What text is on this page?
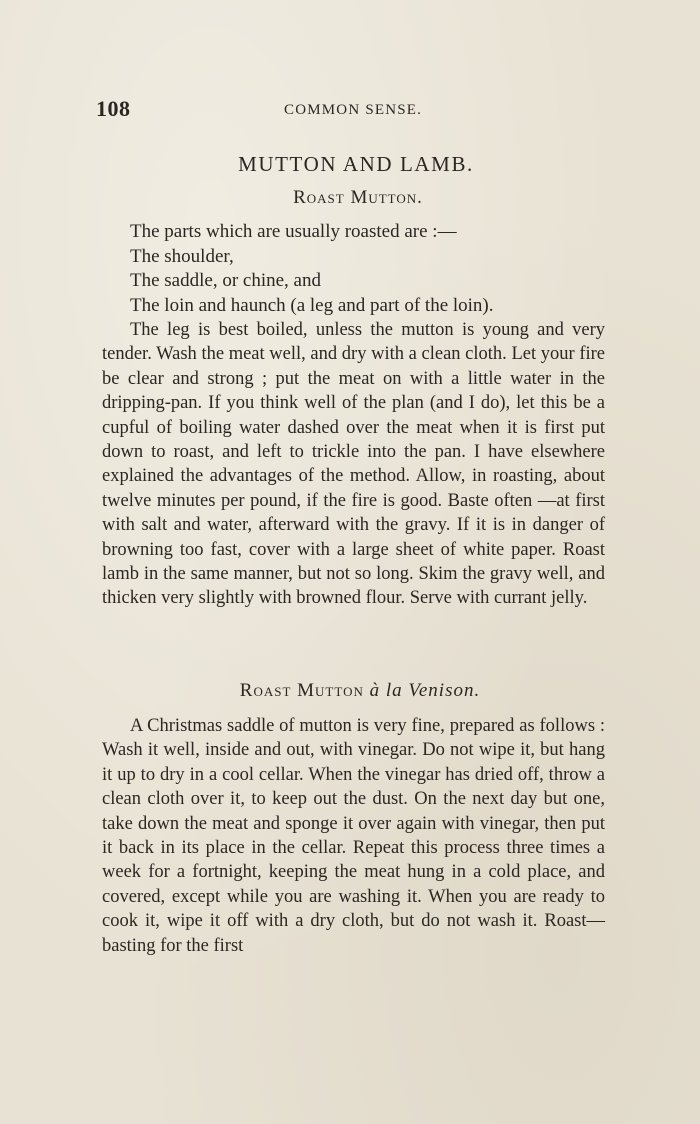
108	COMMON SENSE.
MUTTON AND LAMB.
Roast Mutton.
The parts which are usually roasted are :—
The shoulder,
The saddle, or chine, and
The loin and haunch (a leg and part of the loin).

The leg is best boiled, unless the mutton is young and very tender. Wash the meat well, and dry with a clean cloth. Let your fire be clear and strong ; put the meat on with a little water in the dripping-pan. If you think well of the plan (and I do), let this be a cupful of boiling water dashed over the meat when it is first put down to roast, and left to trickle into the pan. I have elsewhere explained the advantages of the method. Allow, in roasting, about twelve minutes per pound, if the fire is good. Baste often —at first with salt and water, afterward with the gravy. If it is in danger of browning too fast, cover with a large sheet of white paper. Roast lamb in the same manner, but not so long. Skim the gravy well, and thicken very slightly with browned flour. Serve with currant jelly.

Roast Mutton à la Venison.

A Christmas saddle of mutton is very fine, prepared as follows : Wash it well, inside and out, with vinegar. Do not wipe it, but hang it up to dry in a cool cellar. When the vinegar has dried off, throw a clean cloth over it, to keep out the dust. On the next day but one, take down the meat and sponge it over again with vinegar, then put it back in its place in the cellar. Repeat this process three times a week for a fortnight, keeping the meat hung in a cold place, and covered, except while you are washing it. When you are ready to cook it, wipe it off with a dry cloth, but do not wash it. Roast—basting for the first
